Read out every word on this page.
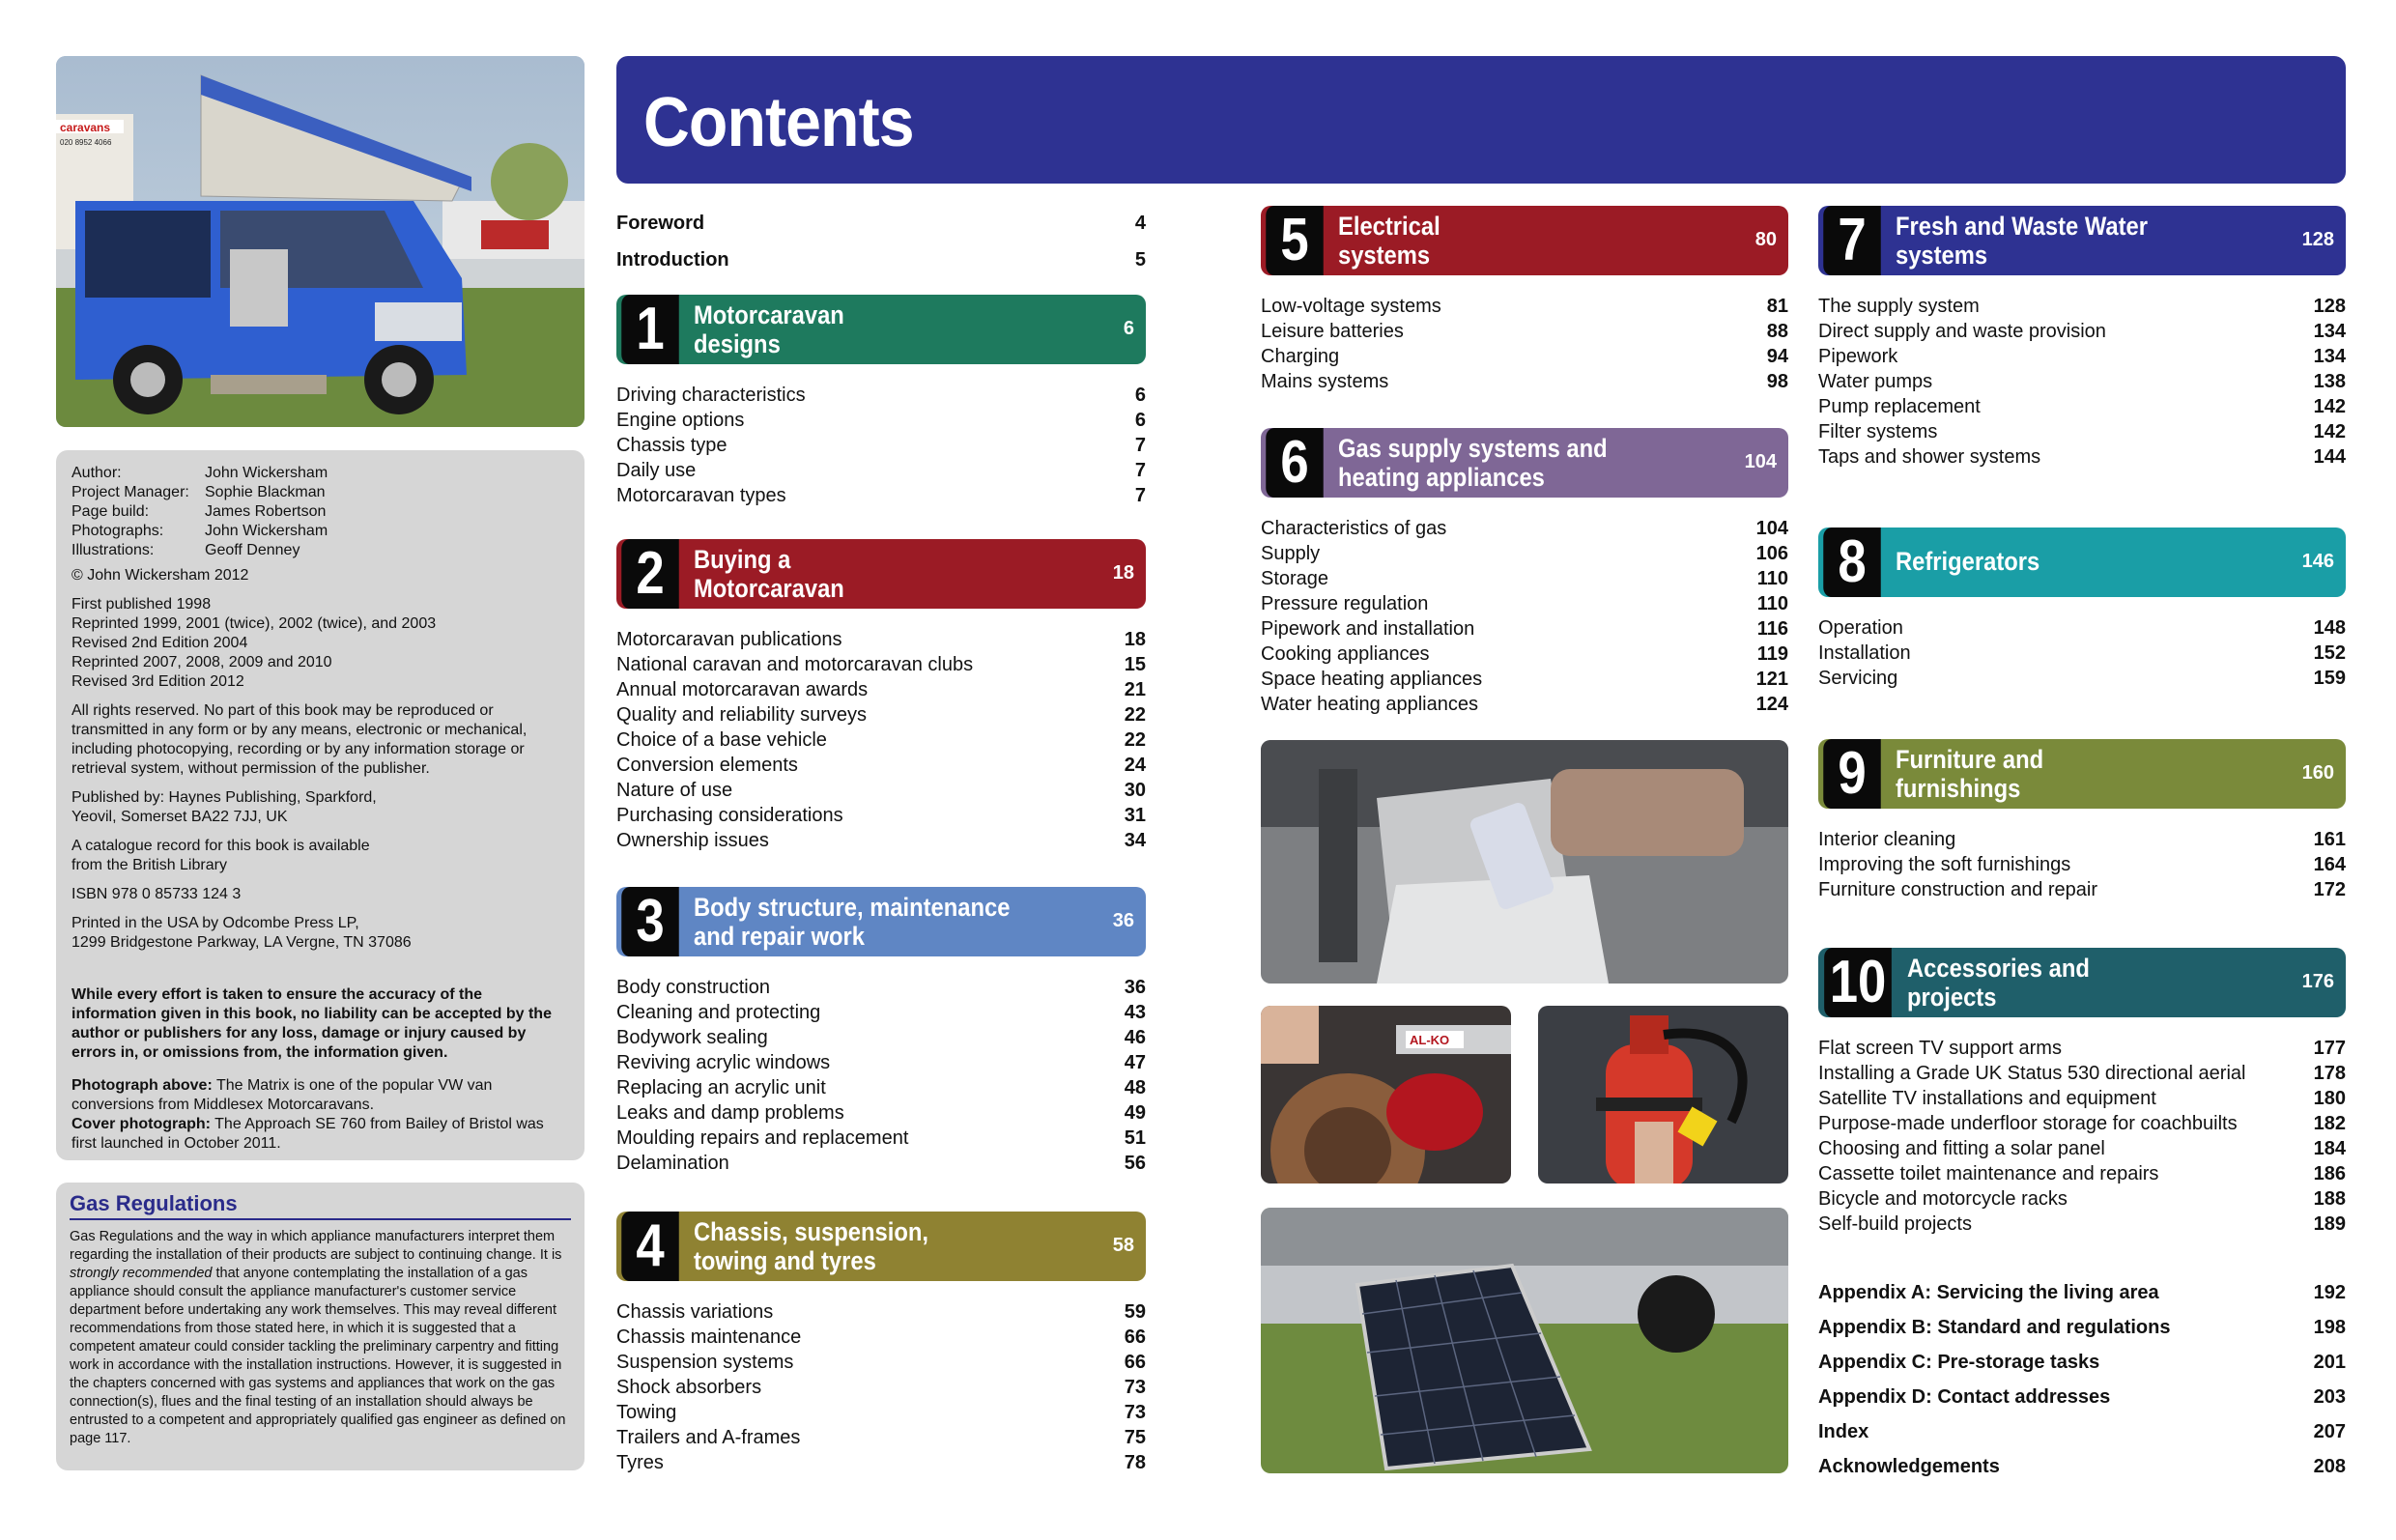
caravans
020 8952 4066
Author:	John Wickersham
Project Manager:	Sophie Blackman
Page build:	James Robertson
Photographs:	John Wickersham
Illustrations:	Geoff Denney

© John Wickersham 2012

First published 1998
Reprinted 1999, 2001 (twice), 2002 (twice), and 2003
Revised 2nd Edition 2004
Reprinted 2007, 2008, 2009 and 2010
Revised 3rd Edition 2012

All rights reserved. No part of this book may be reproduced or transmitted in any form or by any means, electronic or mechanical, including photocopying, recording or by any information storage or retrieval system, without permission of the publisher.

Published by: Haynes Publishing, Sparkford,
Yeovil, Somerset BA22 7JJ, UK

A catalogue record for this book is available
from the British Library

ISBN 978 0 85733 124 3

Printed in the USA by Odcombe Press LP,
1299 Bridgestone Parkway, LA Vergne, TN 37086

While every effort is taken to ensure the accuracy of the information given in this book, no liability can be accepted by the author or publishers for any loss, damage or injury caused by errors in, or omissions from, the information given.

Photograph above: The Matrix is one of the popular VW van conversions from Middlesex Motorcaravans.
Cover photograph: The Approach SE 760 from Bailey of Bristol was first launched in October 2011.

Gas Regulations
Gas Regulations and the way in which appliance manufacturers interpret them regarding the installation of their products are subject to continuing change. It is strongly recommended that anyone contemplating the installation of a gas appliance should consult the appliance manufacturer's customer service department before undertaking any work themselves. This may reveal different recommendations from those stated here, in which it is suggested that a competent amateur could consider tackling the preliminary carpentry and fitting work in accordance with the installation instructions. However, it is suggested in the chapters concerned with gas systems and appliances that work on the gas connection(s), flues and the final testing of an installation should always be entrusted to a competent and appropriately qualified gas engineer as defined on page 117.
Contents
Foreword	4
Introduction	5
1	Motorcaravan
designs
6
Driving characteristics	6
Engine options	6
Chassis type	7
Daily use	7
Motorcaravan types	7
2	Buying a
Motorcaravan
18
Motorcaravan publications	18
National caravan and motorcaravan clubs	15
Annual motorcaravan awards	21
Quality and reliability surveys	22
Choice of a base vehicle	22
Conversion elements	24
Nature of use	30
Purchasing considerations	31
Ownership issues	34
3	Body structure, maintenance
and repair work
36
Body construction	36
Cleaning and protecting	43
Bodywork sealing	46
Reviving acrylic windows	47
Replacing an acrylic unit	48
Leaks and damp problems	49
Moulding repairs and replacement	51
Delamination	56
4	Chassis, suspension,
towing and tyres
58
Chassis variations	59
Chassis maintenance	66
Suspension systems	66
Shock absorbers	73
Towing	73
Trailers and A-frames	75
Tyres	78
5	Electrical
systems
80
Low-voltage systems	81
Leisure batteries	88
Charging	94
Mains systems	98
6	Gas supply systems and
heating appliances
104
Characteristics of gas	104
Supply	106
Storage	110
Pressure regulation	110
Pipework and installation	116
Cooking appliances	119
Space heating appliances	121
Water heating appliances	124
AL-KO
7	Fresh and Waste Water
systems
128
The supply system	128
Direct supply and waste provision	134
Pipework	134
Water pumps	138
Pump replacement	142
Filter systems	142
Taps and shower systems	144
8	Refrigerators	146
Operation	148
Installation	152
Servicing	159
9	Furniture and
furnishings
160
Interior cleaning	161
Improving the soft furnishings	164
Furniture construction and repair	172
10 Accessories and
projects
176
Flat screen TV support arms	177
Installing a Grade UK Status 530 directional aerial	178
Satellite TV installations and equipment	180
Purpose-made underfloor storage for coachbuilts	182
Choosing and fitting a solar panel	184
Cassette toilet maintenance and repairs	186
Bicycle and motorcycle racks	188
Self-build projects	189
Appendix A: Servicing the living area	192
Appendix B: Standard and regulations	198
Appendix C: Pre-storage tasks	201
Appendix D: Contact addresses	203
Index	207
Acknowledgements	208
